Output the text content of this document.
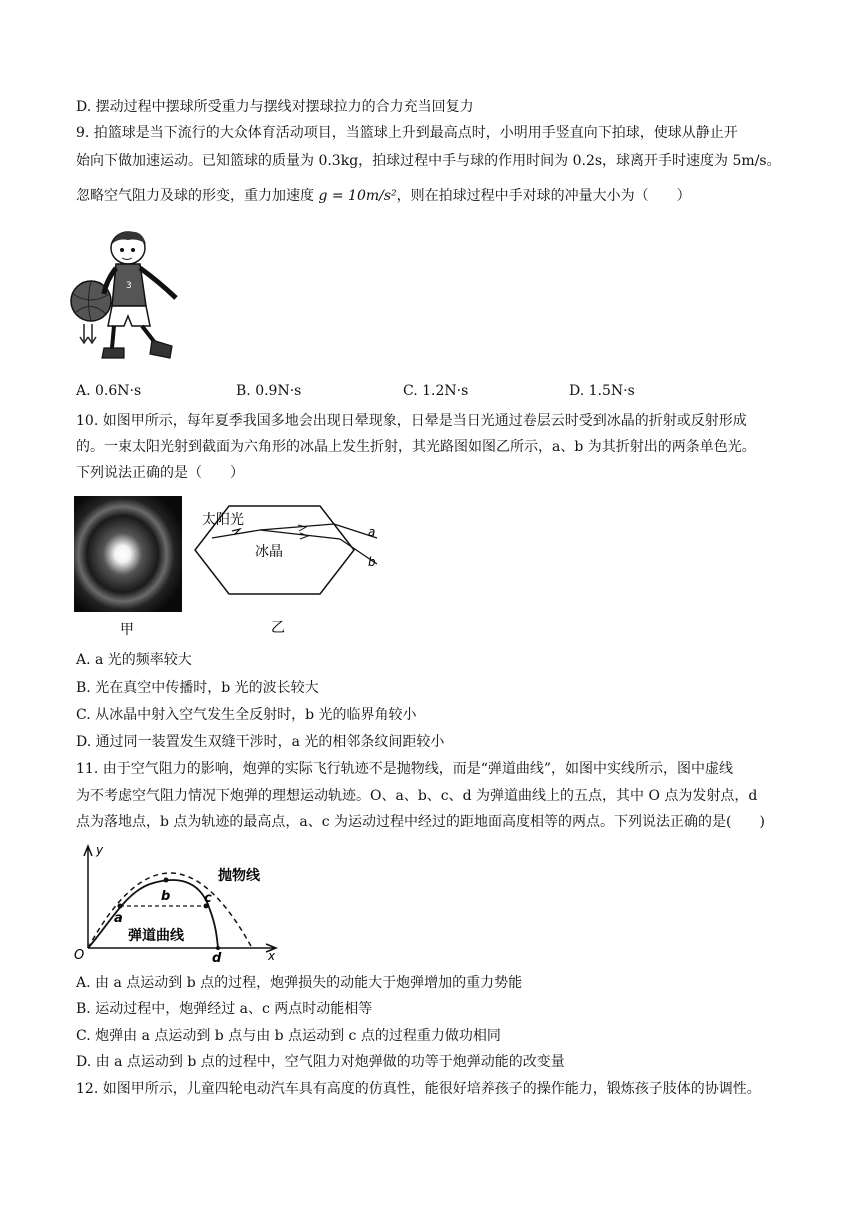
D. 摆动过程中摆球所受重力与摆线对摆球拉力的合力充当回复力
9. 拍篮球是当下流行的大众体育活动项目，当篮球上升到最高点时，小明用手竖直向下拍球，使球从静止开
始向下做加速运动。已知篮球的质量为 0.3kg，拍球过程中手与球的作用时间为 0.2s，球离开手时速度为 5m/s。
忽略空气阻力及球的形变，重力加速度 g = 10m/s²，则在拍球过程中手对球的冲量大小为（　　）
3
A. 0.6N·s	B. 0.9N·s	C. 1.2N·s	D. 1.5N·s
10. 如图甲所示，每年夏季我国多地会出现日晕现象，日晕是当日光通过卷层云时受到冰晶的折射或反射形成
的。一束太阳光射到截面为六角形的冰晶上发生折射，其光路图如图乙所示，a、b 为其折射出的两条单色光。
下列说法正确的是（　　）
甲
冰晶
太阳光
a
b
乙
A. a 光的频率较大
B. 光在真空中传播时，b 光的波长较大
C. 从冰晶中射入空气发生全反射时，b 光的临界角较小
D. 通过同一装置发生双缝干涉时，a 光的相邻条纹间距较小
11. 由于空气阻力的影响，炮弹的实际飞行轨迹不是抛物线，而是“弹道曲线”，如图中实线所示，图中虚线
为不考虑空气阻力情况下炮弹的理想运动轨迹。O、a、b、c、d 为弹道曲线上的五点，其中 O 点为发射点，d
点为落地点，b 点为轨迹的最高点，a、c 为运动过程中经过的距地面高度相等的两点。下列说法正确的是(　　)
y
x
O
抛物线
a
b	c
d
弹道曲线
A. 由 a 点运动到 b 点的过程，炮弹损失的动能大于炮弹增加的重力势能
B. 运动过程中，炮弹经过 a、c 两点时动能相等
C. 炮弹由 a 点运动到 b 点与由 b 点运动到 c 点的过程重力做功相同
D. 由 a 点运动到 b 点的过程中，空气阻力对炮弹做的功等于炮弹动能的改变量
12. 如图甲所示，儿童四轮电动汽车具有高度的仿真性，能很好培养孩子的操作能力，锻炼孩子肢体的协调性。
